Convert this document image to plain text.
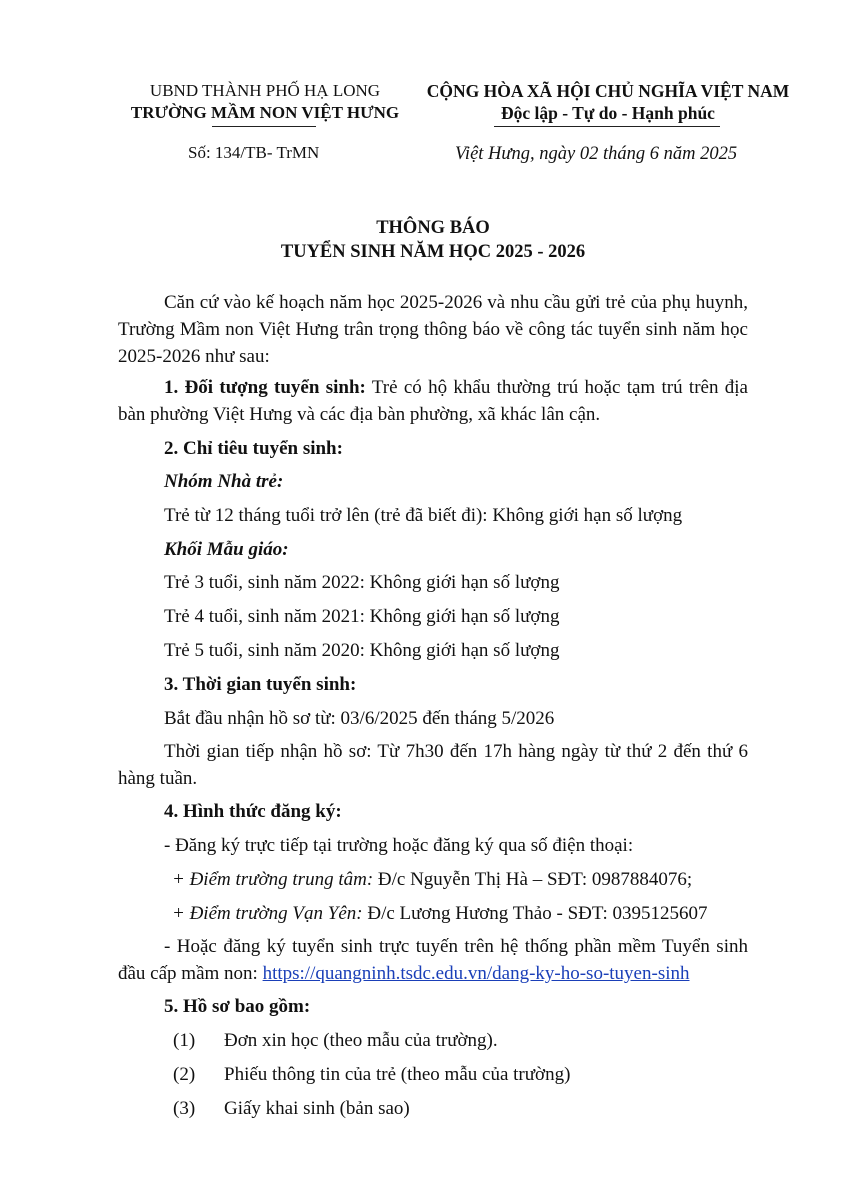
UBND THÀNH PHỐ HẠ LONG
TRƯỜNG MẦM NON VIỆT HƯNG
Số: 134/TB- TrMN
CỘNG HÒA XÃ HỘI CHỦ NGHĨA VIỆT NAM
Độc lập - Tự do - Hạnh phúc
Việt Hưng, ngày 02 tháng 6 năm 2025
THÔNG BÁO
TUYỂN SINH NĂM HỌC 2025 - 2026
Căn cứ vào kế hoạch năm học 2025-2026 và nhu cầu gửi trẻ của phụ huynh, Trường Mầm non Việt Hưng trân trọng thông báo về công tác tuyển sinh năm học 2025-2026 như sau:
1. Đối tượng tuyển sinh: Trẻ có hộ khẩu thường trú hoặc tạm trú trên địa bàn phường Việt Hưng và các địa bàn phường, xã khác lân cận.
2. Chỉ tiêu tuyển sinh:
Nhóm Nhà trẻ:
Trẻ từ 12 tháng tuổi trở lên (trẻ đã biết đi): Không giới hạn số lượng
Khối Mẫu giáo:
Trẻ 3 tuổi, sinh năm 2022: Không giới hạn số lượng
Trẻ 4 tuổi, sinh năm 2021: Không giới hạn số lượng
Trẻ 5 tuổi, sinh năm 2020: Không giới hạn số lượng
3. Thời gian tuyển sinh:
Bắt đầu nhận hồ sơ từ: 03/6/2025 đến tháng 5/2026
Thời gian tiếp nhận hồ sơ: Từ 7h30 đến 17h hàng ngày từ thứ 2 đến thứ 6 hàng tuần.
4. Hình thức đăng ký:
- Đăng ký trực tiếp tại trường hoặc đăng ký qua số điện thoại:
+ Điểm trường trung tâm: Đ/c Nguyễn Thị Hà – SĐT: 0987884076;
+ Điểm trường Vạn Yên: Đ/c Lương Hương Thảo - SĐT: 0395125607
- Hoặc đăng ký tuyển sinh trực tuyến trên hệ thống phần mềm Tuyển sinh đầu cấp mầm non: https://quangninh.tsdc.edu.vn/dang-ky-ho-so-tuyen-sinh
5. Hồ sơ bao gồm:
(1) Đơn xin học (theo mẫu của trường).
(2) Phiếu thông tin của trẻ (theo mẫu của trường)
(3) Giấy khai sinh (bản sao)
